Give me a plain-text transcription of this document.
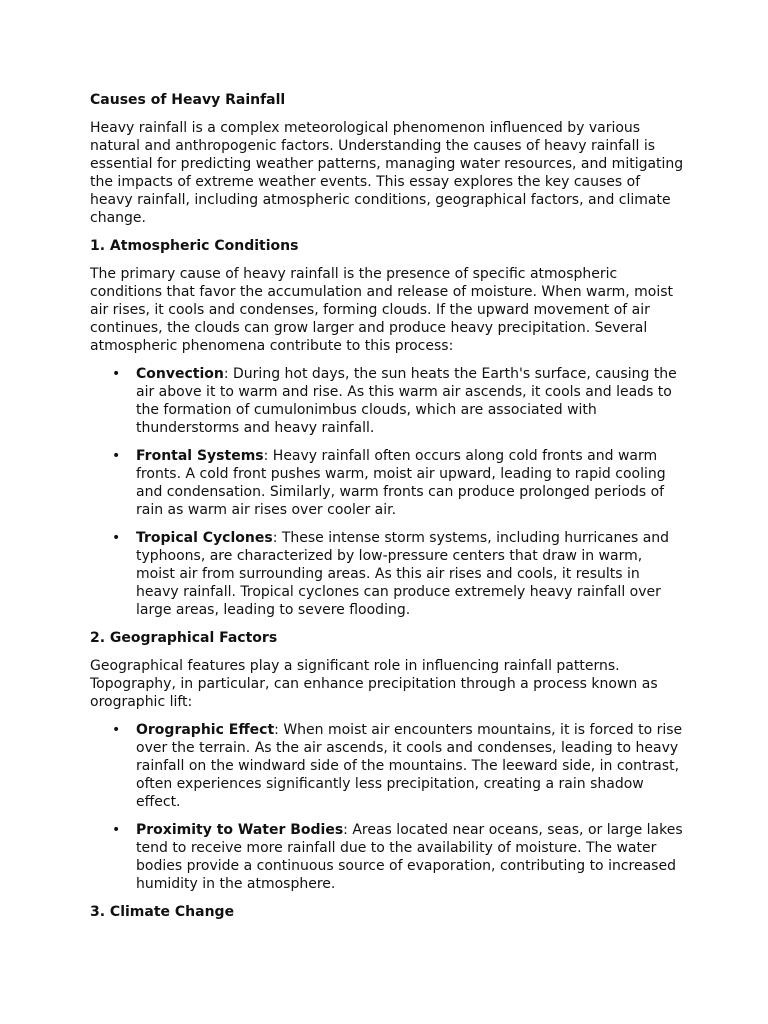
Causes of Heavy Rainfall

Heavy rainfall is a complex meteorological phenomenon influenced by various natural and anthropogenic factors. Understanding the causes of heavy rainfall is essential for predicting weather patterns, managing water resources, and mitigating the impacts of extreme weather events. This essay explores the key causes of heavy rainfall, including atmospheric conditions, geographical factors, and climate change.

1. Atmospheric Conditions

The primary cause of heavy rainfall is the presence of specific atmospheric conditions that favor the accumulation and release of moisture. When warm, moist air rises, it cools and condenses, forming clouds. If the upward movement of air continues, the clouds can grow larger and produce heavy precipitation. Several atmospheric phenomena contribute to this process:

• Convection: During hot days, the sun heats the Earth's surface, causing the air above it to warm and rise. As this warm air ascends, it cools and leads to the formation of cumulonimbus clouds, which are associated with thunderstorms and heavy rainfall.
• Frontal Systems: Heavy rainfall often occurs along cold fronts and warm fronts. A cold front pushes warm, moist air upward, leading to rapid cooling and condensation. Similarly, warm fronts can produce prolonged periods of rain as warm air rises over cooler air.
• Tropical Cyclones: These intense storm systems, including hurricanes and typhoons, are characterized by low-pressure centers that draw in warm, moist air from surrounding areas. As this air rises and cools, it results in heavy rainfall. Tropical cyclones can produce extremely heavy rainfall over large areas, leading to severe flooding.

2. Geographical Factors

Geographical features play a significant role in influencing rainfall patterns. Topography, in particular, can enhance precipitation through a process known as orographic lift:

• Orographic Effect: When moist air encounters mountains, it is forced to rise over the terrain. As the air ascends, it cools and condenses, leading to heavy rainfall on the windward side of the mountains. The leeward side, in contrast, often experiences significantly less precipitation, creating a rain shadow effect.
• Proximity to Water Bodies: Areas located near oceans, seas, or large lakes tend to receive more rainfall due to the availability of moisture. The water bodies provide a continuous source of evaporation, contributing to increased humidity in the atmosphere.

3. Climate Change
